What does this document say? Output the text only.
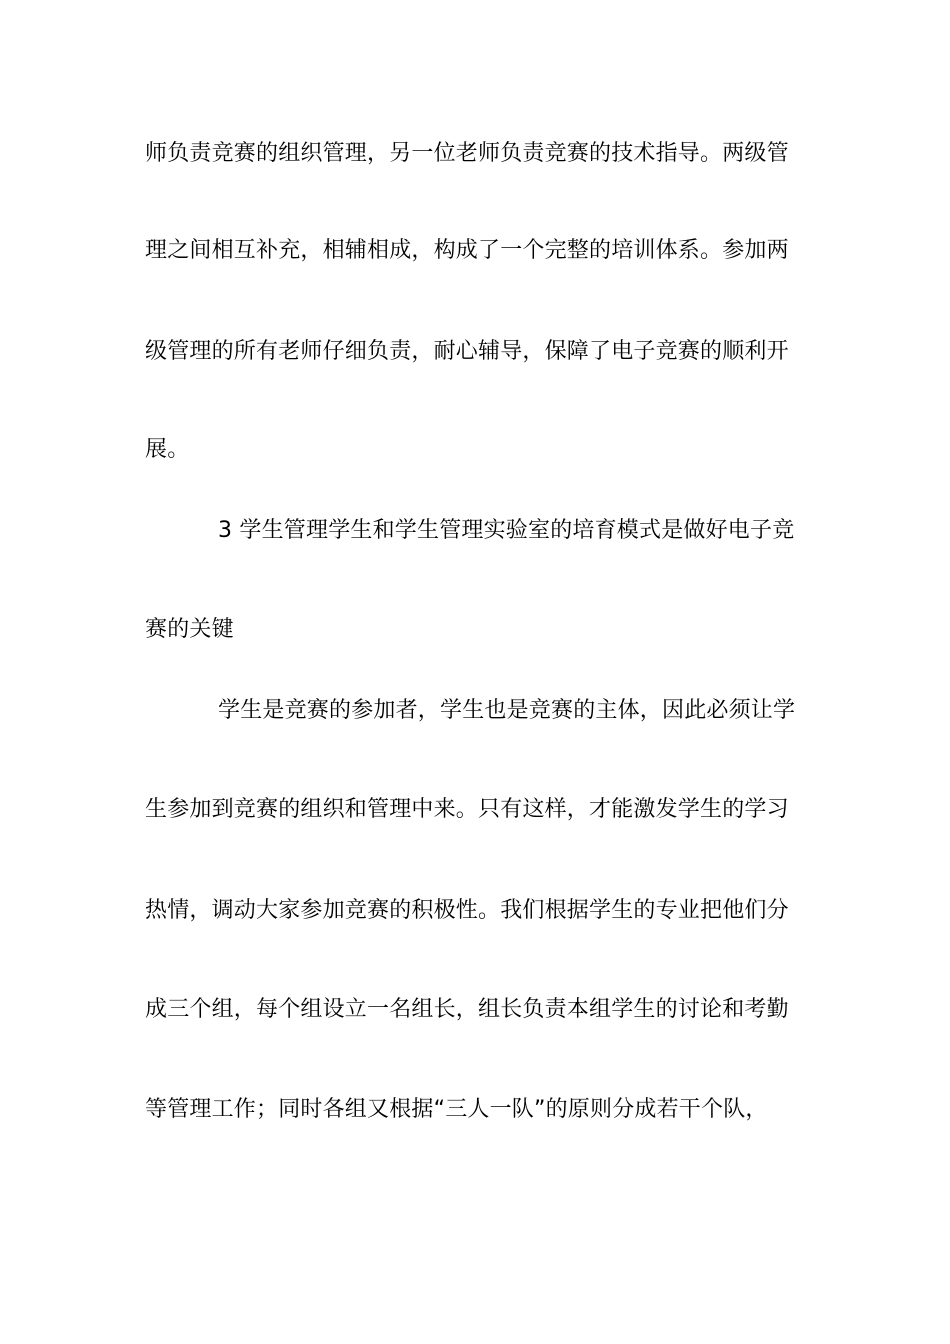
师负责竞赛的组织管理，另一位老师负责竞赛的技术指导。两级管
理之间相互补充，相辅相成，构成了一个完整的培训体系。参加两
级管理的所有老师仔细负责，耐心辅导，保障了电子竞赛的顺利开
展。
3 学生管理学生和学生管理实验室的培育模式是做好电子竞
赛的关键
学生是竞赛的参加者，学生也是竞赛的主体，因此必须让学
生参加到竞赛的组织和管理中来。只有这样，才能激发学生的学习
热情，调动大家参加竞赛的积极性。我们根据学生的专业把他们分
成三个组，每个组设立一名组长，组长负责本组学生的讨论和考勤
等管理工作；同时各组又根据“三人一队”的原则分成若干个队，
